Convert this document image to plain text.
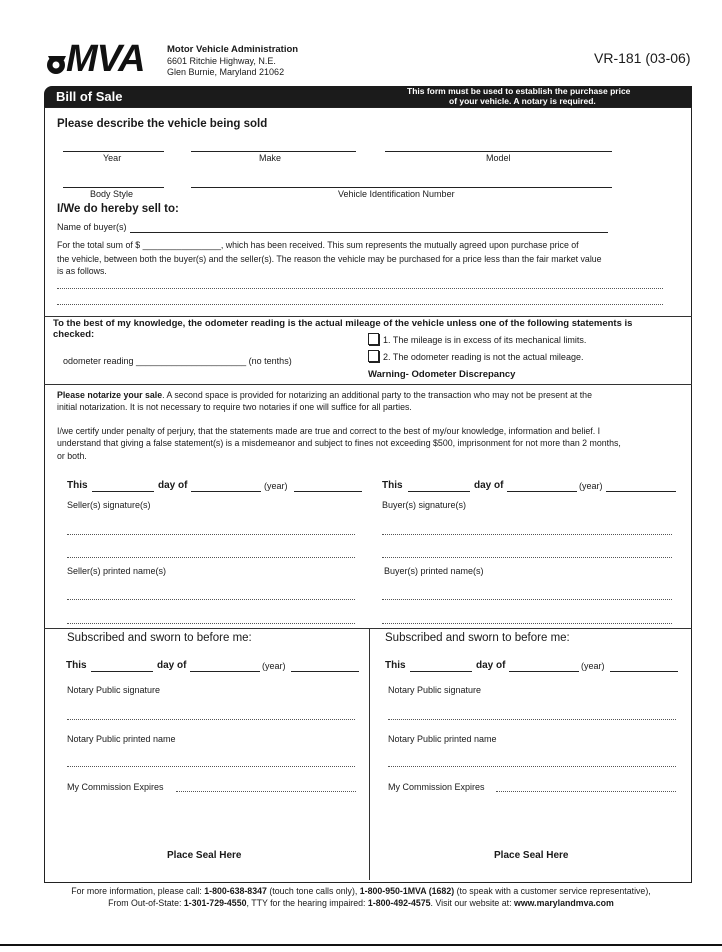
MVA Motor Vehicle Administration
6601 Ritchie Highway, N.E.
Glen Burnie, Maryland 21062
VR-181 (03-06)
Bill of Sale	This form must be used to establish the purchase price
of your vehicle. A notary is required.
Please describe the vehicle being sold
Year	Make	Model
Body Style	Vehicle Identification Number
I/We do hereby sell to:
Name of buyer(s)
For the total sum of $ ________________, which has been received. This sum represents the mutually agreed upon purchase price of
the vehicle, between both the buyer(s) and the seller(s). The reason the vehicle may be purchased for a price less than the fair market value
is as follows.
To the best of my knowledge, the odometer reading is the actual mileage of the vehicle unless one of the following statements is
checked:
odometer reading ______________________ (no tenths)
1. The mileage is in excess of its mechanical limits.
2. The odometer reading is not the actual mileage.
Warning- Odometer Discrepancy
Please notarize your sale. A second space is provided for notarizing an additional party to the transaction who may not be present at the
initial notarization. It is not necessary to require two notaries if one will suffice for all parties.
I/we certify under penalty of perjury, that the statements made are true and correct to the best of my/our knowledge, information and belief. I
understand that giving a false statement(s) is a misdemeanor and subject to fines not exceeding $500, imprisonment for not more than 2 months,
or both.
This	day of	(year)
Seller(s) signature(s)
Seller(s) printed name(s)
This	day of	(year)
Buyer(s) signature(s)
Buyer(s) printed name(s)
Subscribed and sworn to before me:
This	day of	(year)
Notary Public signature
Notary Public printed name
My Commission Expires
Place Seal Here
Subscribed and sworn to before me:
This	day of	(year)
Notary Public signature
Notary Public printed name
My Commission Expires
Place Seal Here
For more information, please call: 1-800-638-8347 (touch tone calls only), 1-800-950-1MVA (1682) (to speak with a customer service representative),
From Out-of-State: 1-301-729-4550, TTY for the hearing impaired: 1-800-492-4575. Visit our website at: www.marylandmva.com
